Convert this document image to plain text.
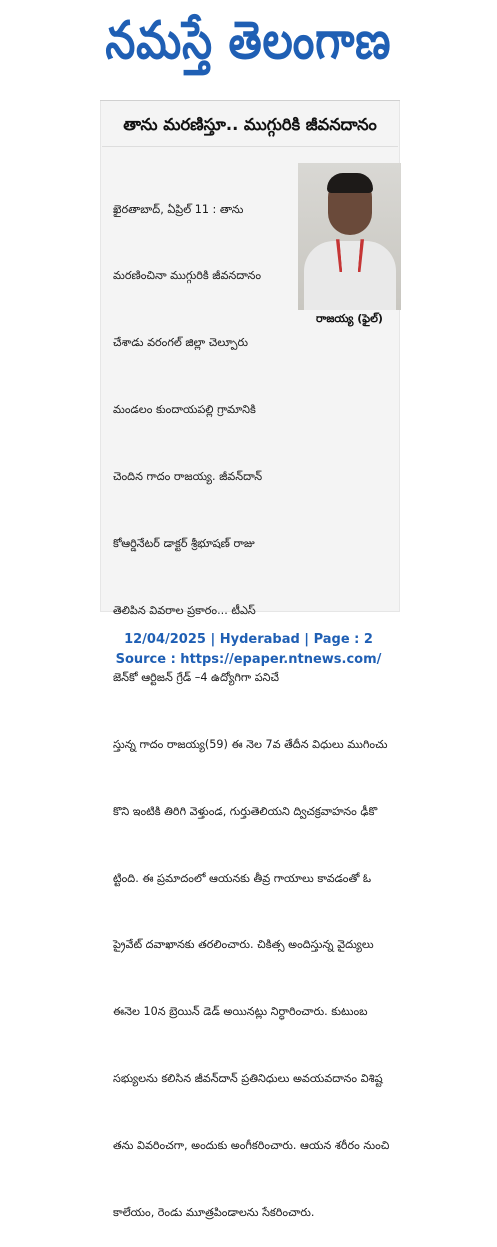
నమస్తే తెలంగాణ
తాను మరణిస్తూ.. ముగ్గురికి జీవనదానం
రాజయ్య (ఫైల్)

ఖైరతాబాద్, ఏప్రిల్ 11 : తాను

మరణించినా ముగ్గురికి జీవనదానం

చేశాడు వరంగల్ జిల్లా చెల్పూరు

మండలం కుందాయపల్లి గ్రామానికి

చెందిన గాదం రాజయ్య. జీవన్‌దాన్

కోఆర్డినేటర్ డాక్టర్ శ్రీభూషణ్ రాజు

తెలిపిన వివరాల ప్రకారం... టీఎస్

జెన్‌కో ఆర్టిజన్ గ్రేడ్ –4 ఉద్యోగిగా పనిచే

స్తున్న గాదం రాజయ్య(59) ఈ నెల 7వ తేదీన విధులు ముగించు

కొని ఇంటికి తిరిగి వెళ్తుండ, గుర్తుతెలియని ద్విచక్రవాహనం ఢీకొ

ట్టింది. ఈ ప్రమాదంలో ఆయనకు తీవ్ర గాయాలు కావడంతో ఓ

ప్రైవేట్ దవాఖానకు తరలించారు. చికిత్స అందిస్తున్న వైద్యులు

ఈనెల 10న బ్రెయిన్ డెడ్ అయినట్లు నిర్ధారించారు. కుటుంబ

సభ్యులను కలిసిన జీవన్‌దాన్ ప్రతినిధులు అవయవదానం విశిష్ట

తను వివరించగా, అందుకు అంగీకరించారు. ఆయన శరీరం నుంచి

కాలేయం, రెండు మూత్రపిండాలను సేకరించారు.

12/04/2025 | Hyderabad | Page : 2
Source : https://epaper.ntnews.com/
